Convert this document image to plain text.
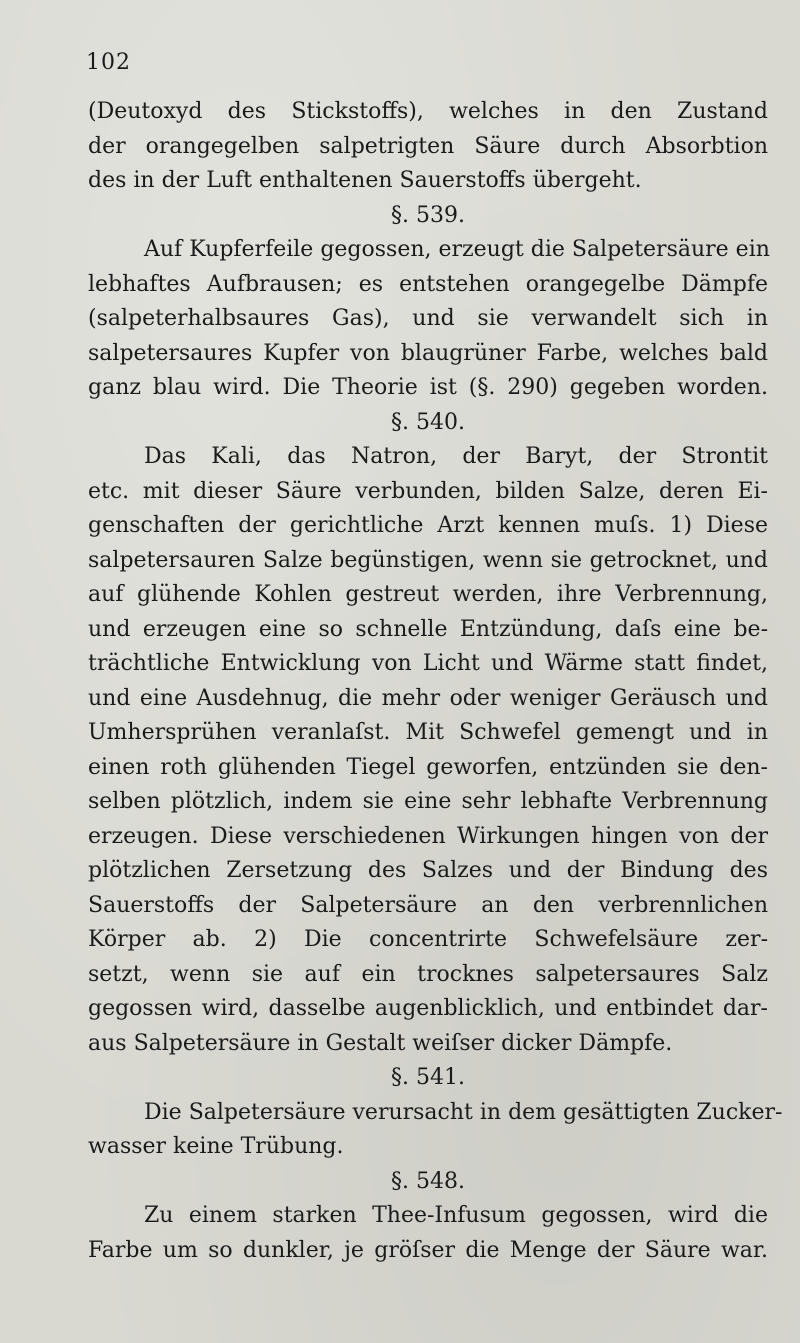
102
(Deutoxyd des Stickstoffs), welches in den Zustand
der orangegelben salpetrigten Säure durch Absorbtion
des in der Luft enthaltenen Sauerstoffs übergeht.
§. 539.
Auf Kupferfeile gegossen, erzeugt die Salpetersäure ein
lebhaftes Aufbrausen; es entstehen orangegelbe Dämpfe
(salpeterhalbsaures Gas), und sie verwandelt sich in
salpetersaures Kupfer von blaugrüner Farbe, welches bald
ganz blau wird. Die Theorie ist (§. 290) gegeben worden.
§. 540.
Das Kali, das Natron, der Baryt, der Strontit
etc. mit dieser Säure verbunden, bilden Salze, deren Ei-
genschaften der gerichtliche Arzt kennen muſs. 1) Diese
salpetersauren Salze begünstigen, wenn sie getrocknet, und
auf glühende Kohlen gestreut werden, ihre Verbrennung,
und erzeugen eine so schnelle Entzündung, daſs eine be-
trächtliche Entwicklung von Licht und Wärme statt findet,
und eine Ausdehnug, die mehr oder weniger Geräusch und
Umhersprühen veranlaſst. Mit Schwefel gemengt und in
einen roth glühenden Tiegel geworfen, entzünden sie den-
selben plötzlich, indem sie eine sehr lebhafte Verbrennung
erzeugen. Diese verschiedenen Wirkungen hingen von der
plötzlichen Zersetzung des Salzes und der Bindung des
Sauerstoffs der Salpetersäure an den verbrennlichen
Körper ab. 2) Die concentrirte Schwefelsäure zer-
setzt, wenn sie auf ein trocknes salpetersaures Salz
gegossen wird, dasselbe augenblicklich, und entbindet dar-
aus Salpetersäure in Gestalt weiſser dicker Dämpfe.
§. 541.
Die Salpetersäure verursacht in dem gesättigten Zucker-
wasser keine Trübung.
§. 548.
Zu einem starken Thee-Infusum gegossen, wird die
Farbe um so dunkler, je gröſser die Menge der Säure war.
